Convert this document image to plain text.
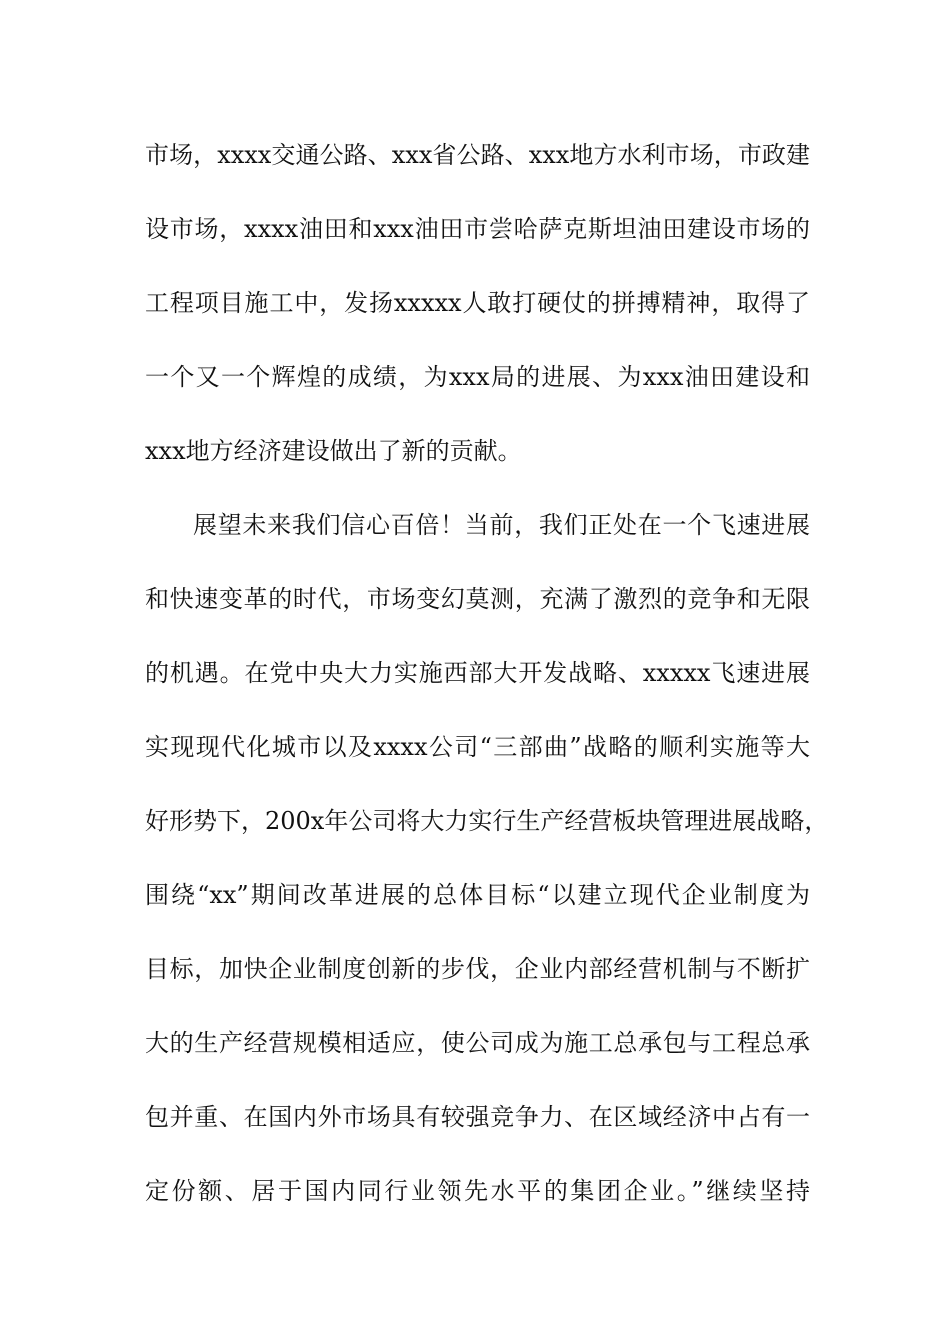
市场，xxxx交通公路、xxx省公路、xxx地方水利市场，市政建
设市场，xxxx油田和xxx油田市尝哈萨克斯坦油田建设市场的
工程项目施工中，发扬xxxxx人敢打硬仗的拼搏精神，取得了
一个又一个辉煌的成绩，为xxx局的进展、为xxx油田建设和
xxx地方经济建设做出了新的贡献。
展望未来我们信心百倍！当前，我们正处在一个飞速进展
和快速变革的时代，市场变幻莫测，充满了激烈的竞争和无限
的机遇。在党中央大力实施西部大开发战略、xxxxx飞速进展
实现现代化城市以及xxxx公司“三部曲”战略的顺利实施等大
好形势下，200x年公司将大力实行生产经营板块管理进展战略，
围绕“xx”期间改革进展的总体目标“以建立现代企业制度为
目标，加快企业制度创新的步伐，企业内部经营机制与不断扩
大的生产经营规模相适应，使公司成为施工总承包与工程总承
包并重、在国内外市场具有较强竞争力、在区域经济中占有一
定份额、居于国内同行业领先水平的集团企业。”继续坚持
